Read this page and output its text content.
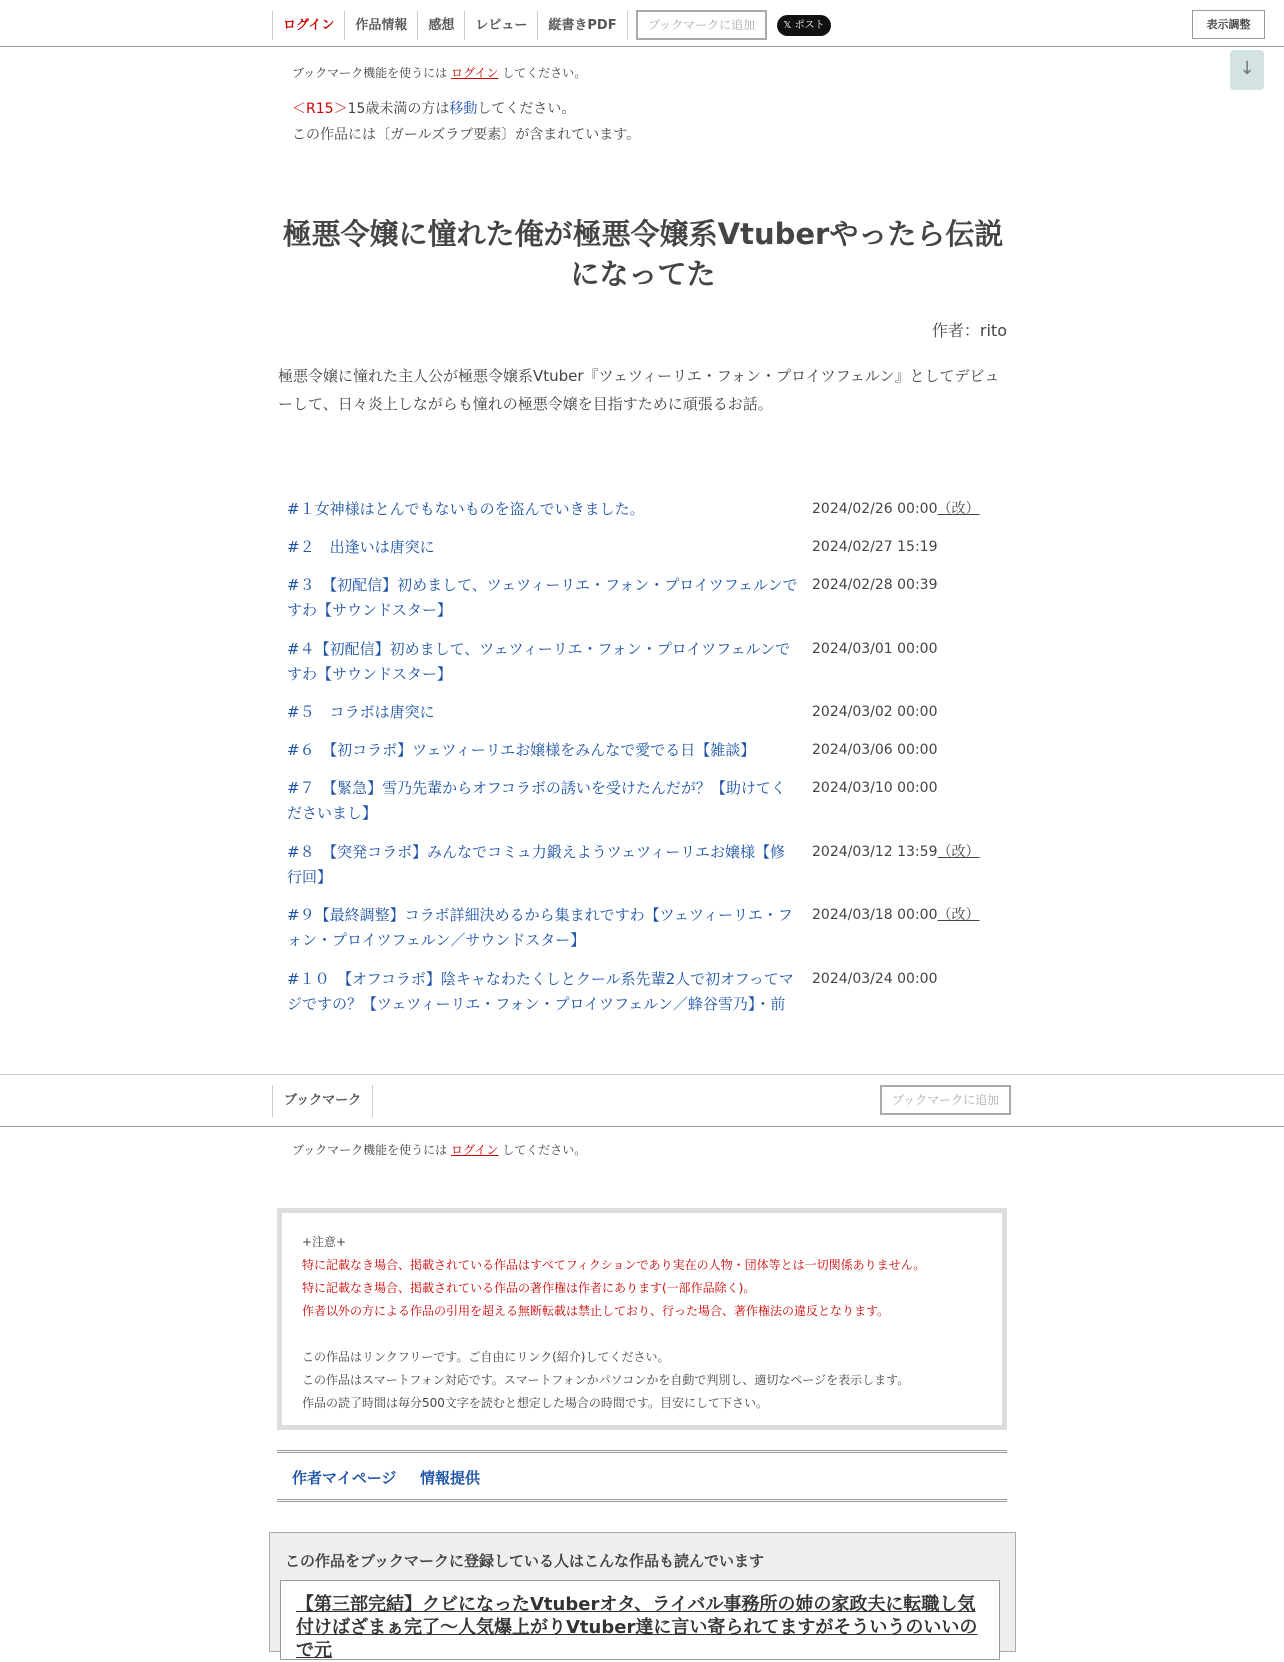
ログイン	作品情報	感想	レビュー	縦書きPDF	ブックマークに追加	𝕏 ポスト	表示調整
↓
ブックマーク機能を使うには ログイン してください。
＜R15＞15歳未満の方は移動してください。
この作品には〔ガールズラブ要素〕が含まれています。
極悪令嬢に憧れた俺が極悪令嬢系Vtuberやったら伝説になってた
作者：rito
極悪令嬢に憧れた主人公が極悪令嬢系Vtuber『ツェツィーリエ・フォン・プロイツフェルン』としてデビューして、日々炎上しながらも憧れの極悪令嬢を目指すために頑張るお話。
#１女神様はとんでもないものを盗んでいきました。	2024/02/26 00:00（改）
#２　出逢いは唐突に	2024/02/27 15:19
#３　【初配信】初めまして、ツェツィーリエ・フォン・プロイツフェルンですわ【サウンドスター】
2024/02/28 00:39
#４【初配信】初めまして、ツェツィーリエ・フォン・プロイツフェルンですわ【サウンドスター】
2024/03/01 00:00
#５　コラボは唐突に	2024/03/02 00:00
#６　【初コラボ】ツェツィーリエお嬢様をみんなで愛でる日【雑談】	2024/03/06 00:00
#７　【緊急】雪乃先輩からオフコラボの誘いを受けたんだが？【助けてくださいまし】
2024/03/10 00:00
#８　【突発コラボ】みんなでコミュ力鍛えようツェツィーリエお嬢様【修行回】
2024/03/12 13:59（改）
#９【最終調整】コラボ詳細決めるから集まれですわ【ツェツィーリエ・フォン・プロイツフェルン／サウンドスター】
2024/03/18 00:00（改）
#１０　【オフコラボ】陰キャなわたくしとクール系先輩2人で初オフってマジですの？【ツェツィーリエ・フォン・プロイツフェルン／蜂谷雪乃】・前
2024/03/24 00:00
ブックマーク	ブックマークに追加
ブックマーク機能を使うには ログイン してください。
+注意+
特に記載なき場合、掲載されている作品はすべてフィクションであり実在の人物・団体等とは一切関係ありません。
特に記載なき場合、掲載されている作品の著作権は作者にあります(一部作品除く)。
作者以外の方による作品の引用を超える無断転載は禁止しており、行った場合、著作権法の違反となります。
この作品はリンクフリーです。ご自由にリンク(紹介)してください。
この作品はスマートフォン対応です。スマートフォンかパソコンかを自動で判別し、適切なページを表示します。
作品の読了時間は毎分500文字を読むと想定した場合の時間です。目安にして下さい。
作者マイページ 情報提供
この作品をブックマークに登録している人はこんな作品も読んでいます
【第三部完結】クビになったVtuberオタ、ライバル事務所の姉の家政夫に転職し気付けばざまぁ完了〜人気爆上がりVtuber達に言い寄られてますがそういうのいいので元
